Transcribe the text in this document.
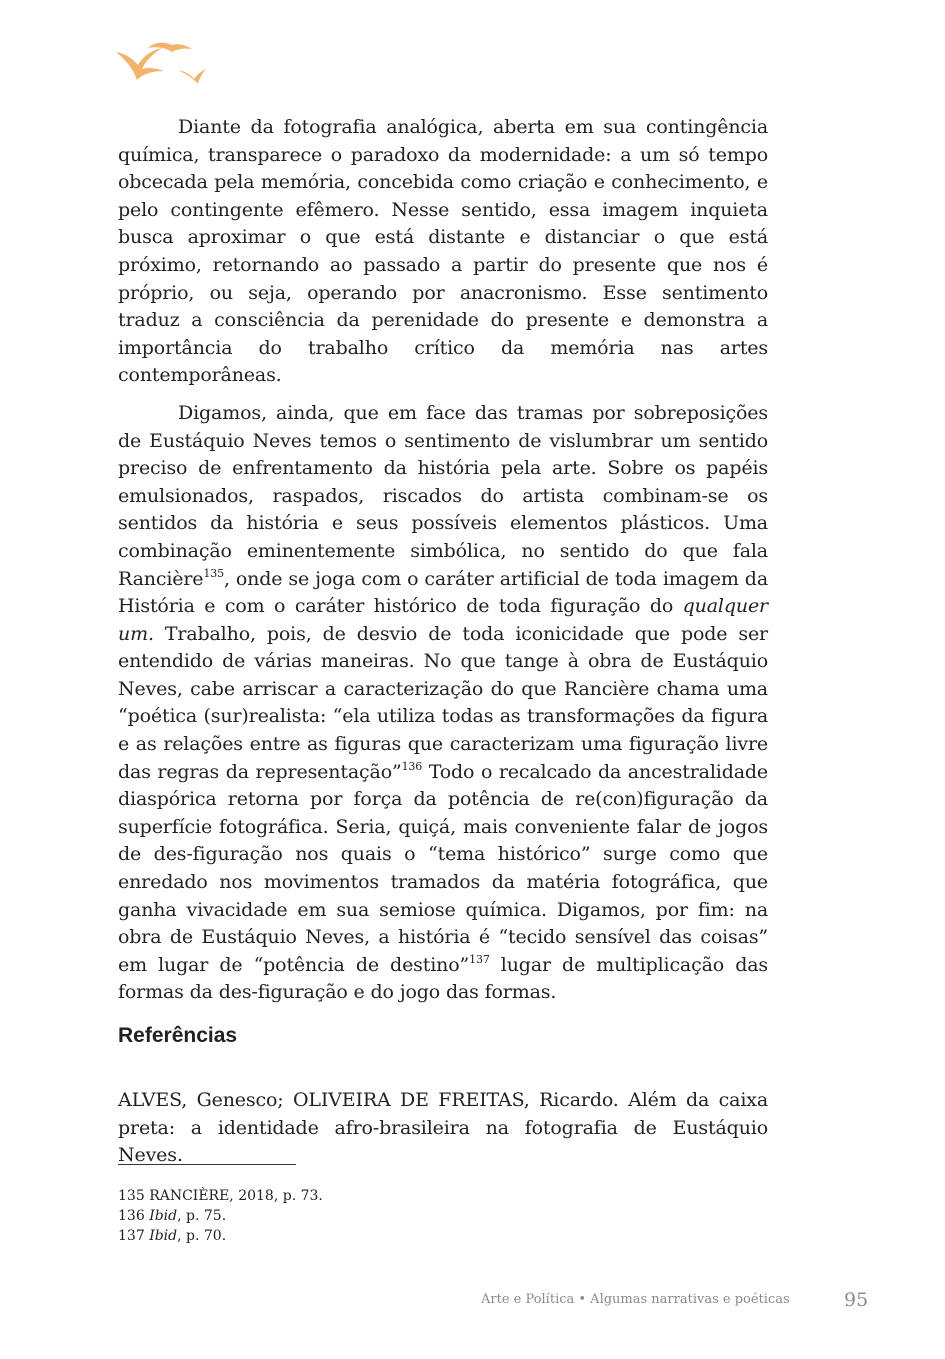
Diante da fotografia analógica, aberta em sua contingência química, transparece o paradoxo da modernidade: a um só tempo obcecada pela memória, concebida como criação e conhecimento, e pelo contingente efêmero. Nesse sentido, essa imagem inquieta busca aproximar o que está distante e distanciar o que está próximo, retornando ao passado a partir do presente que nos é próprio, ou seja, operando por anacronismo. Esse sentimento traduz a consciência da perenidade do presente e demonstra a importância do trabalho crítico da memória nas artes contemporâneas.

Digamos, ainda, que em face das tramas por sobreposições de Eustáquio Neves temos o sentimento de vislumbrar um sentido preciso de enfrentamento da história pela arte. Sobre os papéis emulsionados, raspados, riscados do artista combinam-se os sentidos da história e seus possíveis elementos plásticos. Uma combinação eminentemente simbólica, no sentido do que fala Rancière$^{135}$, onde se joga com o caráter artificial de toda imagem da História e com o caráter histórico de toda figuração do qualquer um. Trabalho, pois, de desvio de toda iconicidade que pode ser entendido de várias maneiras. No que tange à obra de Eustáquio Neves, cabe arriscar a caracterização do que Rancière chama uma “poética (sur)realista: “ela utiliza todas as transformações da figura e as relações entre as figuras que caracterizam uma figuração livre das regras da representação”$^{136}$ Todo o recalcado da ancestralidade diaspórica retorna por força da potência de re(con)figuração da superfície fotográfica. Seria, quiçá, mais conveniente falar de jogos de des-figuração nos quais o “tema histórico” surge como que enredado nos movimentos tramados da matéria fotográfica, que ganha vivacidade em sua semiose química. Digamos, por fim: na obra de Eustáquio Neves, a história é “tecido sensível das coisas” em lugar de “potência de destino”$^{137}$ lugar de multiplicação das formas da des-figuração e do jogo das formas.

Referências

ALVES, Genesco; OLIVEIRA DE FREITAS, Ricardo. Além da caixa preta: a identidade afro-brasileira na fotografia de Eustáquio Neves.

135 RANCIÈRE, 2018, p. 73.
136 Ibid, p. 75.
137 Ibid, p. 70.
Arte e Política • Algumas narrativas e poéticas	95
